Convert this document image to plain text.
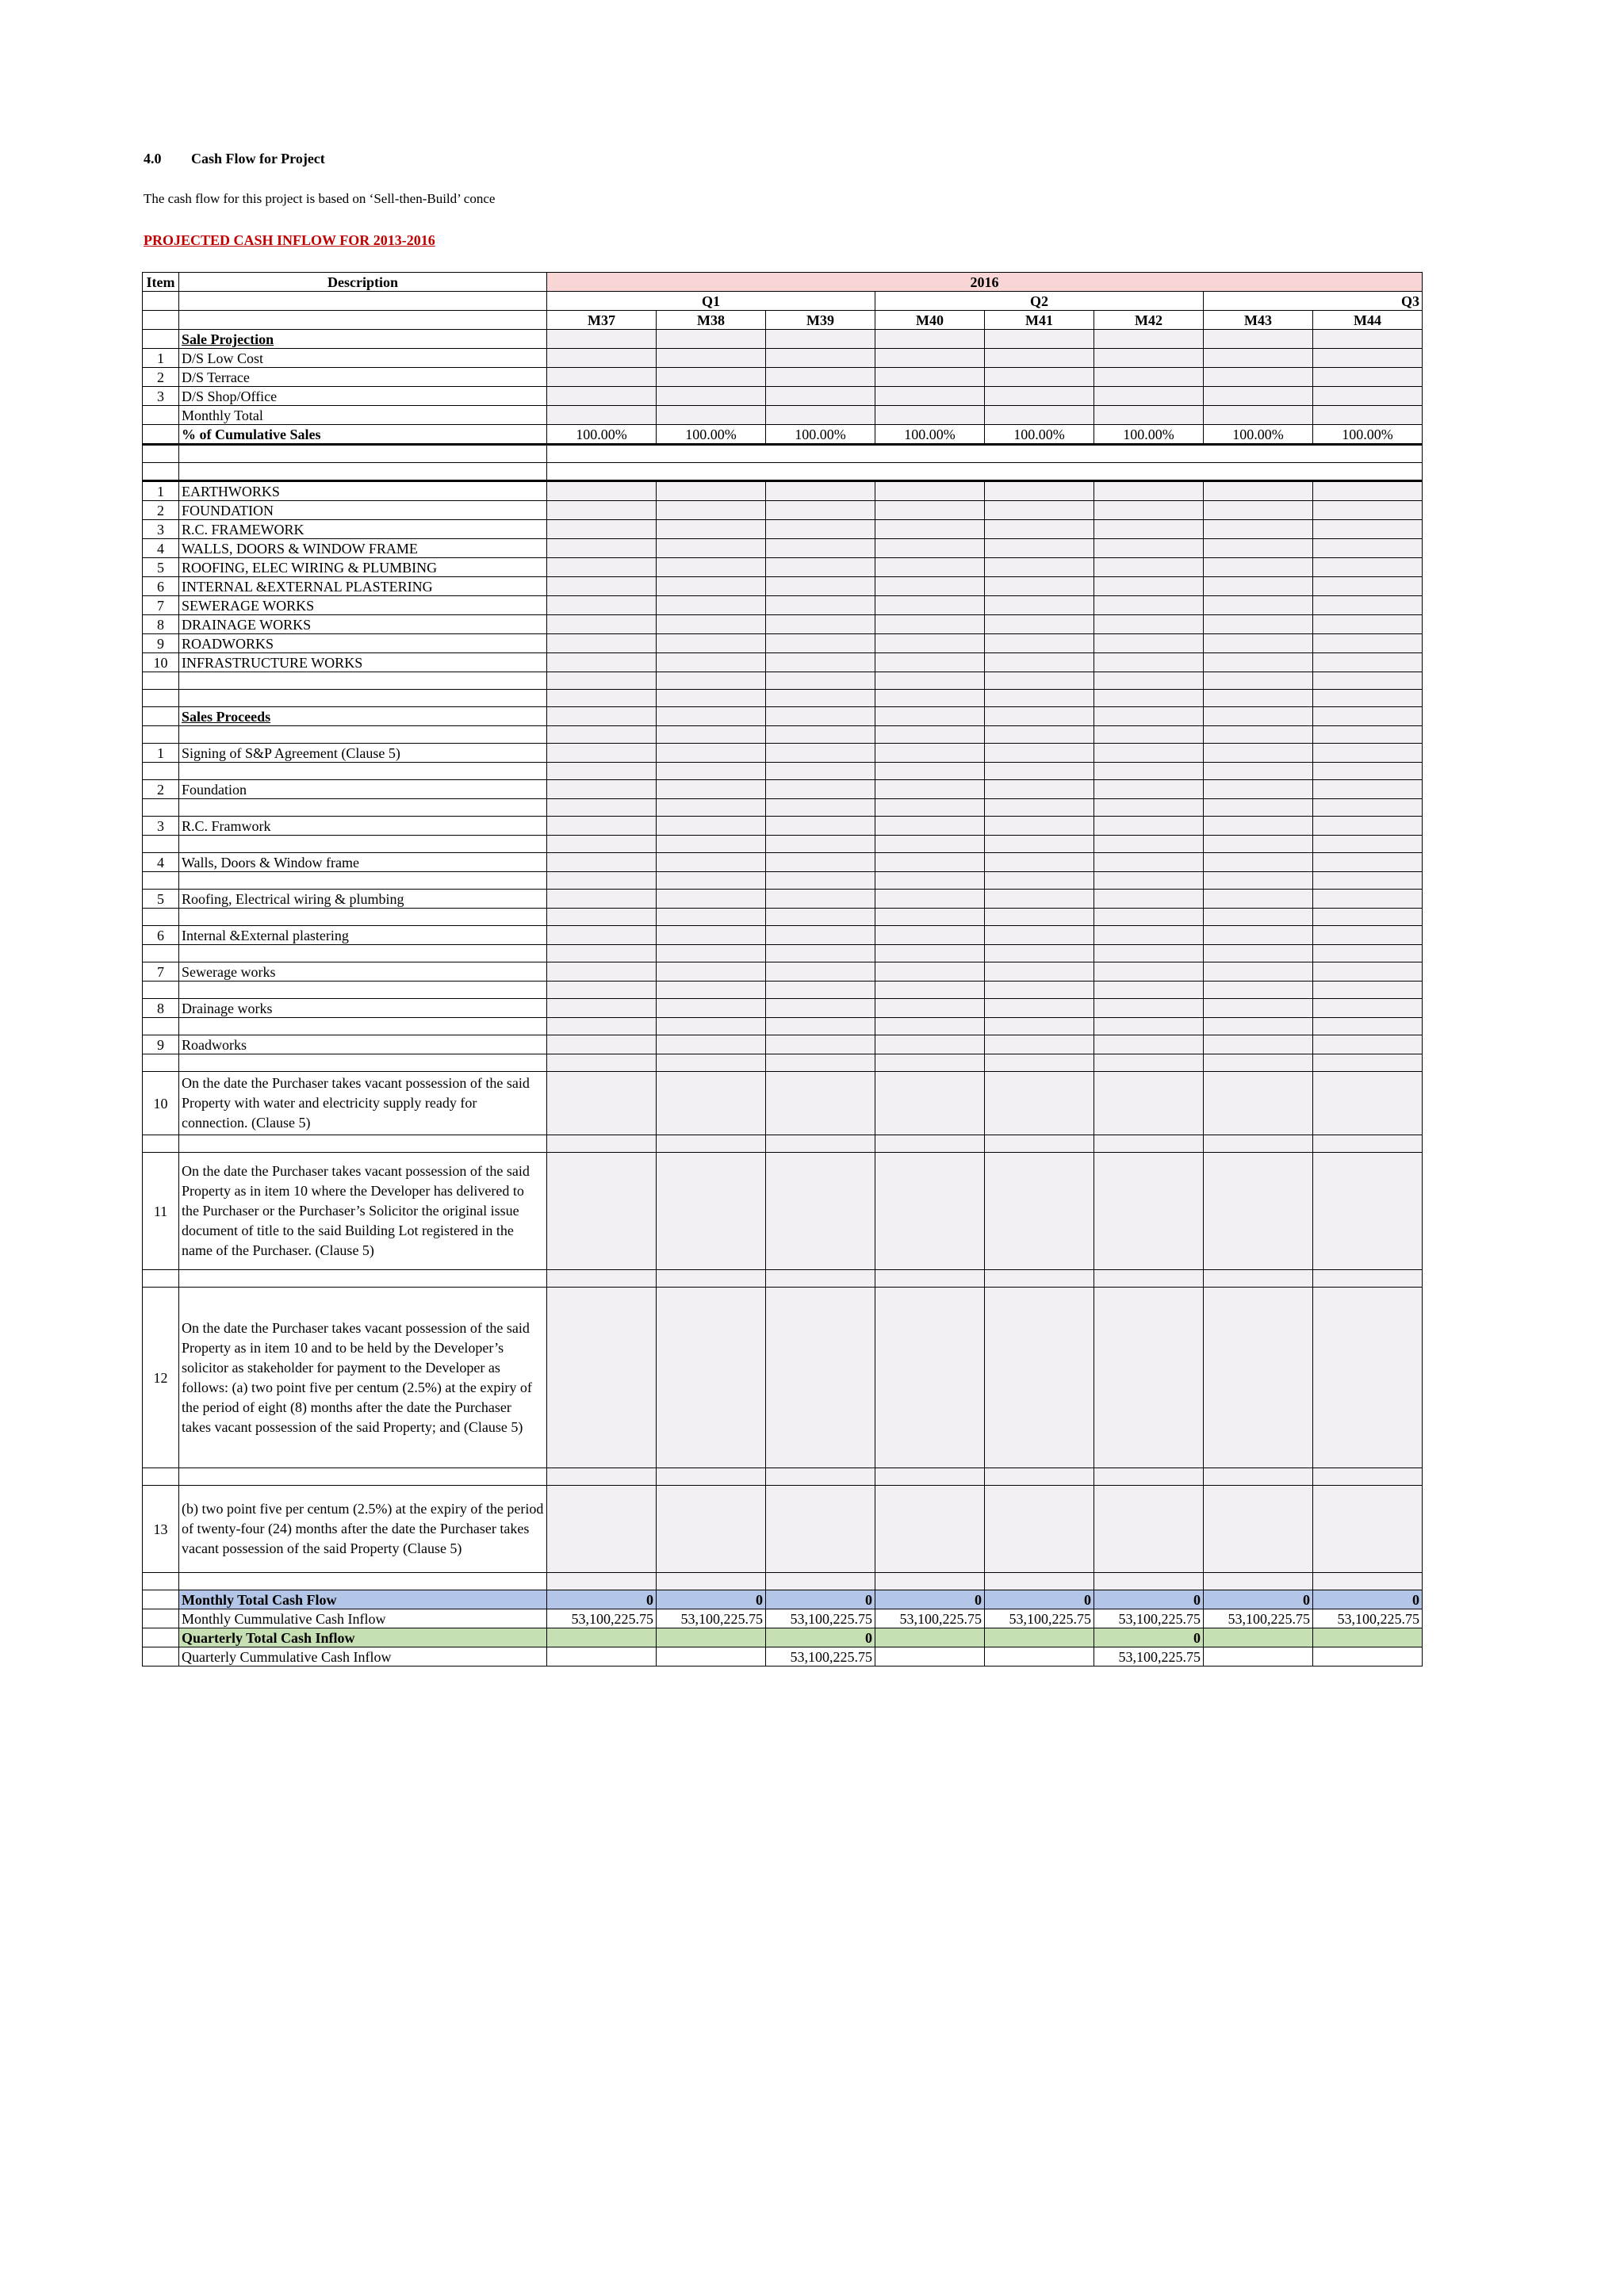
4.0 Cash Flow for Project
The cash flow for this project is based on ‘Sell-then-Build’ conce
PROJECTED CASH INFLOW FOR 2013-2016
Item	Description	2016							
		Q1			Q2			Q3	
		M37	M38	M39	M40	M41	M42	M43	M44
	Sale Projection								
1	D/S Low Cost								
2	D/S Terrace								
3	D/S Shop/Office								
	Monthly Total								
	% of Cumulative Sales	100.00%	100.00%	100.00%	100.00%	100.00%	100.00%	100.00%	100.00%

1	EARTHWORKS								
2	FOUNDATION								
3	R.C. FRAMEWORK								
4	WALLS, DOORS & WINDOW FRAME								
5	ROOFING, ELEC WIRING & PLUMBING								
6	INTERNAL &EXTERNAL PLASTERING								
7	SEWERAGE WORKS								
8	DRAINAGE WORKS								
9	ROADWORKS								
10	INFRASTRUCTURE WORKS								

	Sales Proceeds								

1	Signing of S&P Agreement (Clause 5)								

2	Foundation								

3	R.C. Framwork								

4	Walls, Doors & Window frame								

5	Roofing, Electrical wiring & plumbing								

6	Internal &External plastering								

7	Sewerage works								

8	Drainage works								

9	Roadworks								

10	On the date the Purchaser takes vacant possession of the said Property with water and electricity supply ready for connection. (Clause 5)								

11	On the date the Purchaser takes vacant possession of the said Property as in item 10 where the Developer has delivered to the Purchaser or the Purchaser’s Solicitor the original issue document of title to the said Building Lot registered in the name of the Purchaser. (Clause 5)								

12	On the date the Purchaser takes vacant possession of the said Property as in item 10 and to be held by the Developer’s solicitor as stakeholder for payment to the Developer as follows: (a) two point five per centum (2.5%) at the expiry of the period of eight (8) months after the date the Purchaser takes vacant possession of the said Property; and (Clause 5)								

13	(b) two point five per centum (2.5%) at the expiry of the period of twenty-four (24) months after the date the Purchaser takes vacant possession of the said Property (Clause 5)								

	Monthly Total Cash Flow	0	0	0	0	0	0	0	0
	Monthly Cummulative Cash Inflow	53,100,225.75	53,100,225.75	53,100,225.75	53,100,225.75	53,100,225.75	53,100,225.75	53,100,225.75	53,100,225.75
	Quarterly Total Cash Inflow			0			0		
	Quarterly Cummulative Cash Inflow			53,100,225.75			53,100,225.75		
